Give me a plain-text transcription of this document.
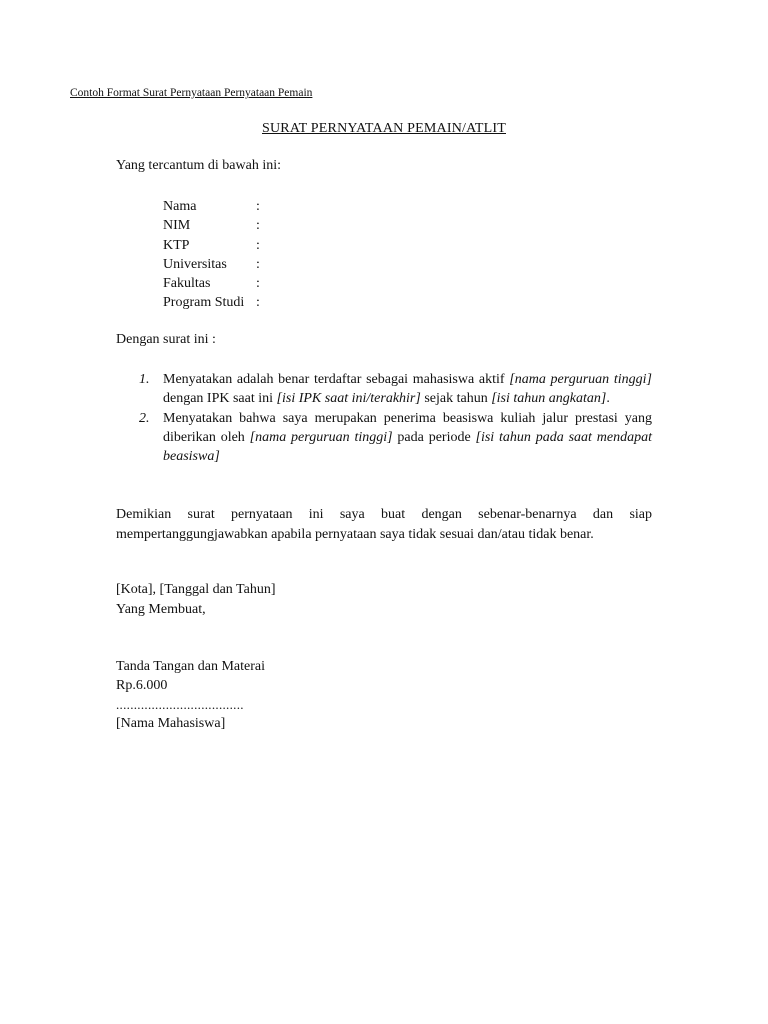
Contoh Format Surat Pernyataan Pernyataan Pemain
SURAT PERNYATAAN PEMAIN/ATLIT
Yang tercantum di bawah ini:
Nama	:
NIM	:
KTP	:
Universitas	:
Fakultas	:
Program Studi :
Dengan surat ini :
1. Menyatakan adalah benar terdaftar sebagai mahasiswa aktif [nama perguruan tinggi] dengan IPK saat ini [isi IPK saat ini/terakhir] sejak tahun [isi tahun angkatan].
2. Menyatakan bahwa saya merupakan penerima beasiswa kuliah jalur prestasi yang diberikan oleh [nama perguruan tinggi] pada periode [isi tahun pada saat mendapat beasiswa]
Demikian surat pernyataan ini saya buat dengan sebenar-benarnya dan siap mempertanggungjawabkan apabila pernyataan saya tidak sesuai dan/atau tidak benar.
[Kota], [Tanggal dan Tahun]
Yang Membuat,
Tanda Tangan dan Materai
Rp.6.000
....................................
[Nama Mahasiswa]
